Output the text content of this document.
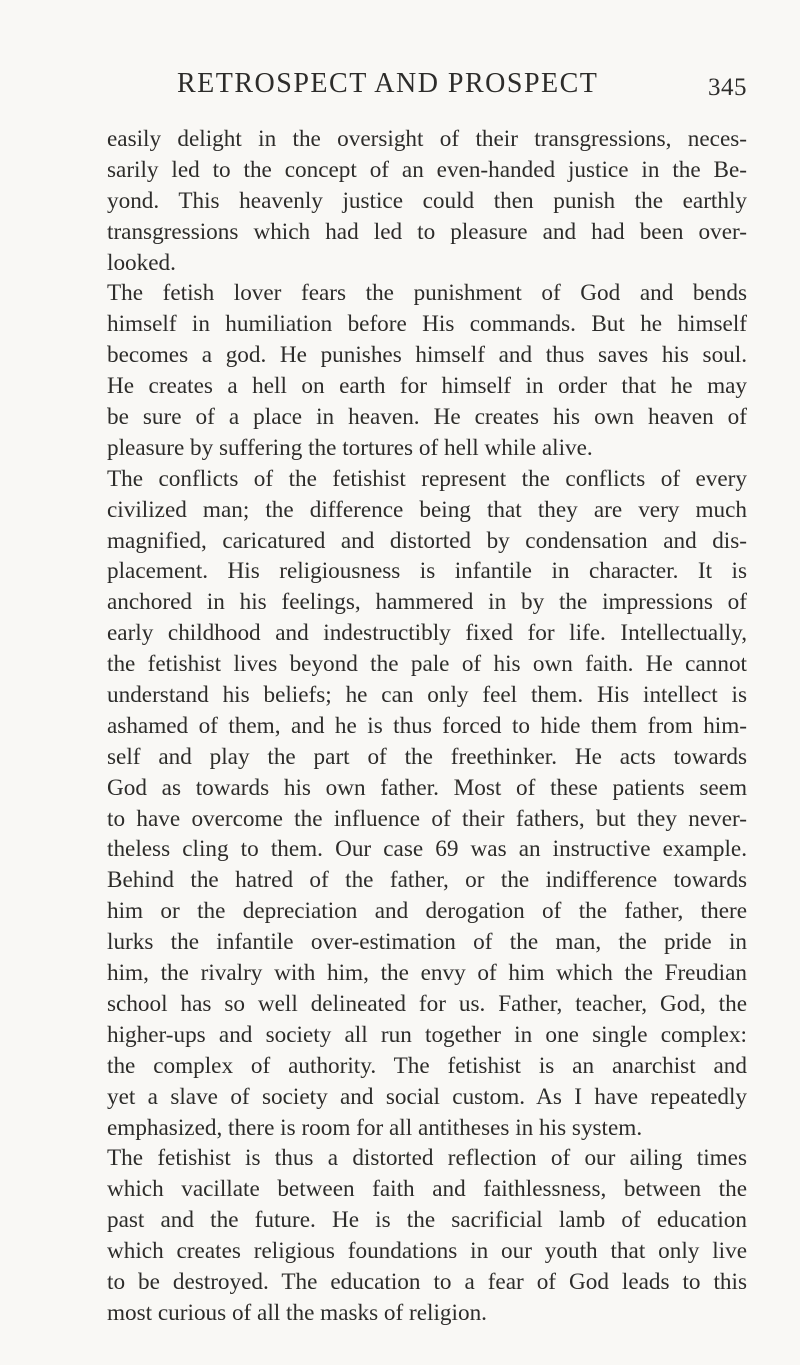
RETROSPECT AND PROSPECT	345
easily delight in the oversight of their transgressions, neces-
sarily led to the concept of an even-handed justice in the Be-
yond. This heavenly justice could then punish the earthly
transgressions which had led to pleasure and had been over-
looked.
The fetish lover fears the punishment of God and bends
himself in humiliation before His commands. But he himself
becomes a god. He punishes himself and thus saves his soul.
He creates a hell on earth for himself in order that he may
be sure of a place in heaven. He creates his own heaven of
pleasure by suffering the tortures of hell while alive.
The conflicts of the fetishist represent the conflicts of every
civilized man; the difference being that they are very much
magnified, caricatured and distorted by condensation and dis-
placement. His religiousness is infantile in character. It is
anchored in his feelings, hammered in by the impressions of
early childhood and indestructibly fixed for life. Intellectually,
the fetishist lives beyond the pale of his own faith. He cannot
understand his beliefs; he can only feel them. His intellect is
ashamed of them, and he is thus forced to hide them from him-
self and play the part of the freethinker. He acts towards
God as towards his own father. Most of these patients seem
to have overcome the influence of their fathers, but they never-
theless cling to them. Our case 69 was an instructive example.
Behind the hatred of the father, or the indifference towards
him or the depreciation and derogation of the father, there
lurks the infantile over-estimation of the man, the pride in
him, the rivalry with him, the envy of him which the Freudian
school has so well delineated for us. Father, teacher, God, the
higher-ups and society all run together in one single complex:
the complex of authority. The fetishist is an anarchist and
yet a slave of society and social custom. As I have repeatedly
emphasized, there is room for all antitheses in his system.
The fetishist is thus a distorted reflection of our ailing times
which vacillate between faith and faithlessness, between the
past and the future. He is the sacrificial lamb of education
which creates religious foundations in our youth that only live
to be destroyed. The education to a fear of God leads to this
most curious of all the masks of religion.
